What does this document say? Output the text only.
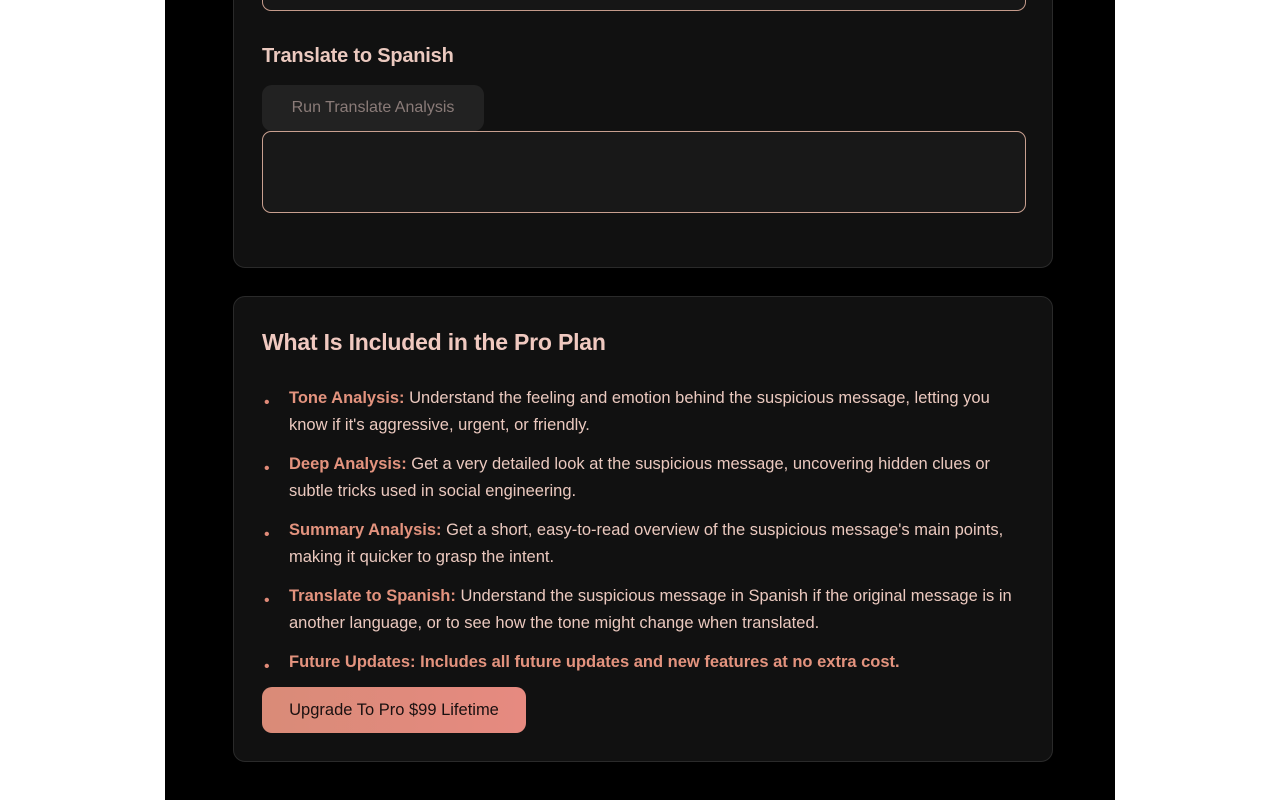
Translate to Spanish
Run Translate Analysis
What Is Included in the Pro Plan
• Tone Analysis: Understand the feeling and emotion behind the suspicious message, letting you know if it's aggressive, urgent, or friendly.
• Deep Analysis: Get a very detailed look at the suspicious message, uncovering hidden clues or subtle tricks used in social engineering.
• Summary Analysis: Get a short, easy-to-read overview of the suspicious message's main points, making it quicker to grasp the intent.
• Translate to Spanish: Understand the suspicious message in Spanish if the original message is in another language, or to see how the tone might change when translated.
• Future Updates: Includes all future updates and new features at no extra cost.
Upgrade To Pro $99 Lifetime
